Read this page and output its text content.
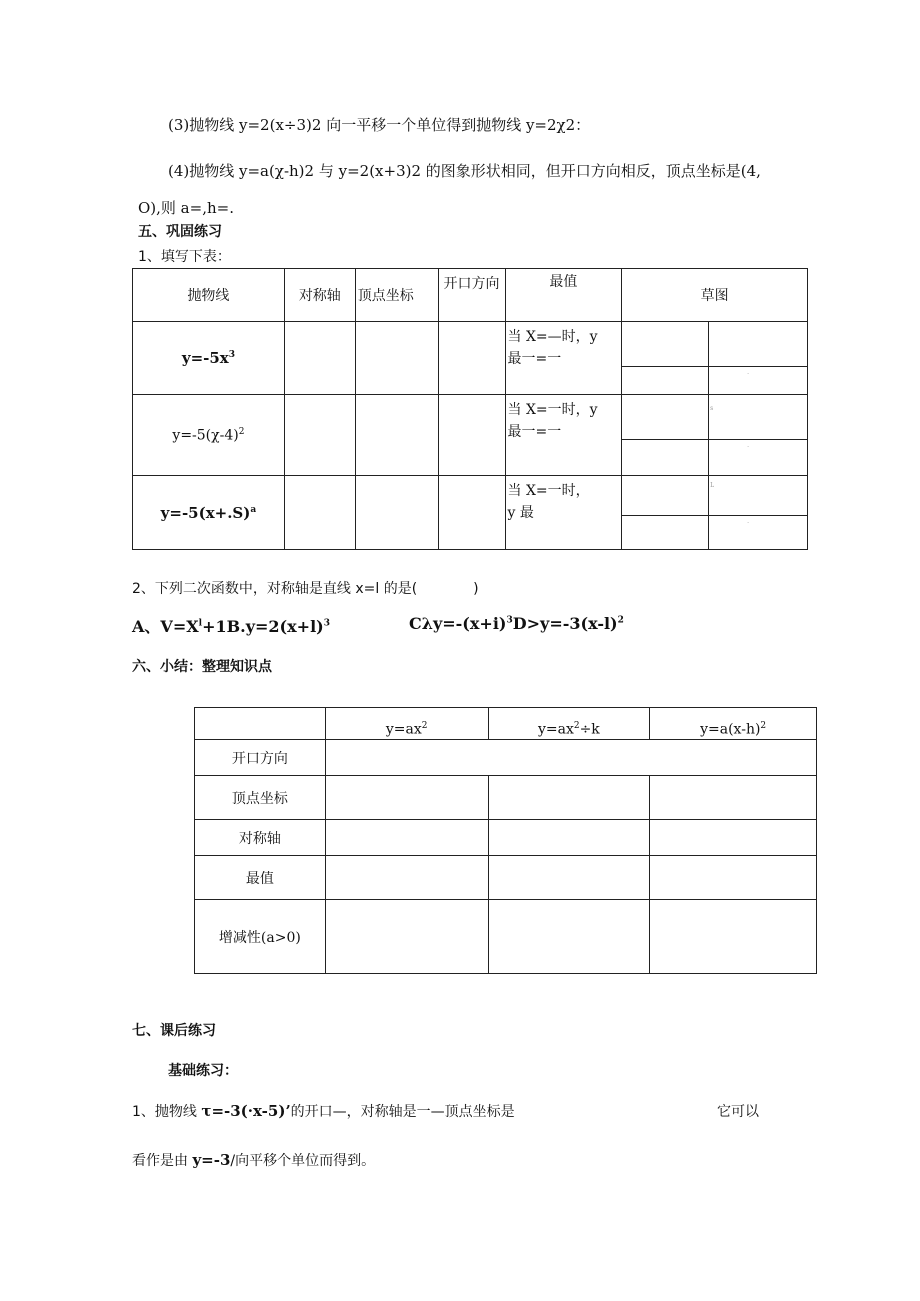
(3)抛物线 y=2(x÷3)2 向一平移一个单位得到抛物线 y=2χ2：
(4)抛物线 y=a(χ-h)2 与 y=2(x+3)2 的图象形状相同，但开口方向相反，顶点坐标是(4,
O),则 a=,h=.
五、巩固练习
1、填写下表：
抛物线	对称轴	顶点坐标	开口方向	最值	草图	
$y=-5x^3$				当 X=—时，y
最一=一		

						.

$y=-5(\chi-4)^2$				当 X=一时，y
最一=一		s

						.

$y=-5(x+.S)^a$				当 X=一时，
y 最		L

						.
2、下列二次函数中，对称轴是直线 x=l 的是(　　　　)
A、$V=X^l+1B.y=2(x+l)^3$	$C\lambda y=-(x+i)^3D>y=-3(x-l)^2$
六、小结：整理知识点
	$y=ax^2$	$y=ax^2\div k$	$y=a(x-h)^2$
开口方向			
顶点坐标			
对称轴			
最值			
增减性(a>0)			
七、课后练习
基础练习：
1、抛物线 τ=-3(·x-5)’的开口—，对称轴是一—顶点坐标是	它可以
看作是由 y=-3/向平移个单位而得到。
